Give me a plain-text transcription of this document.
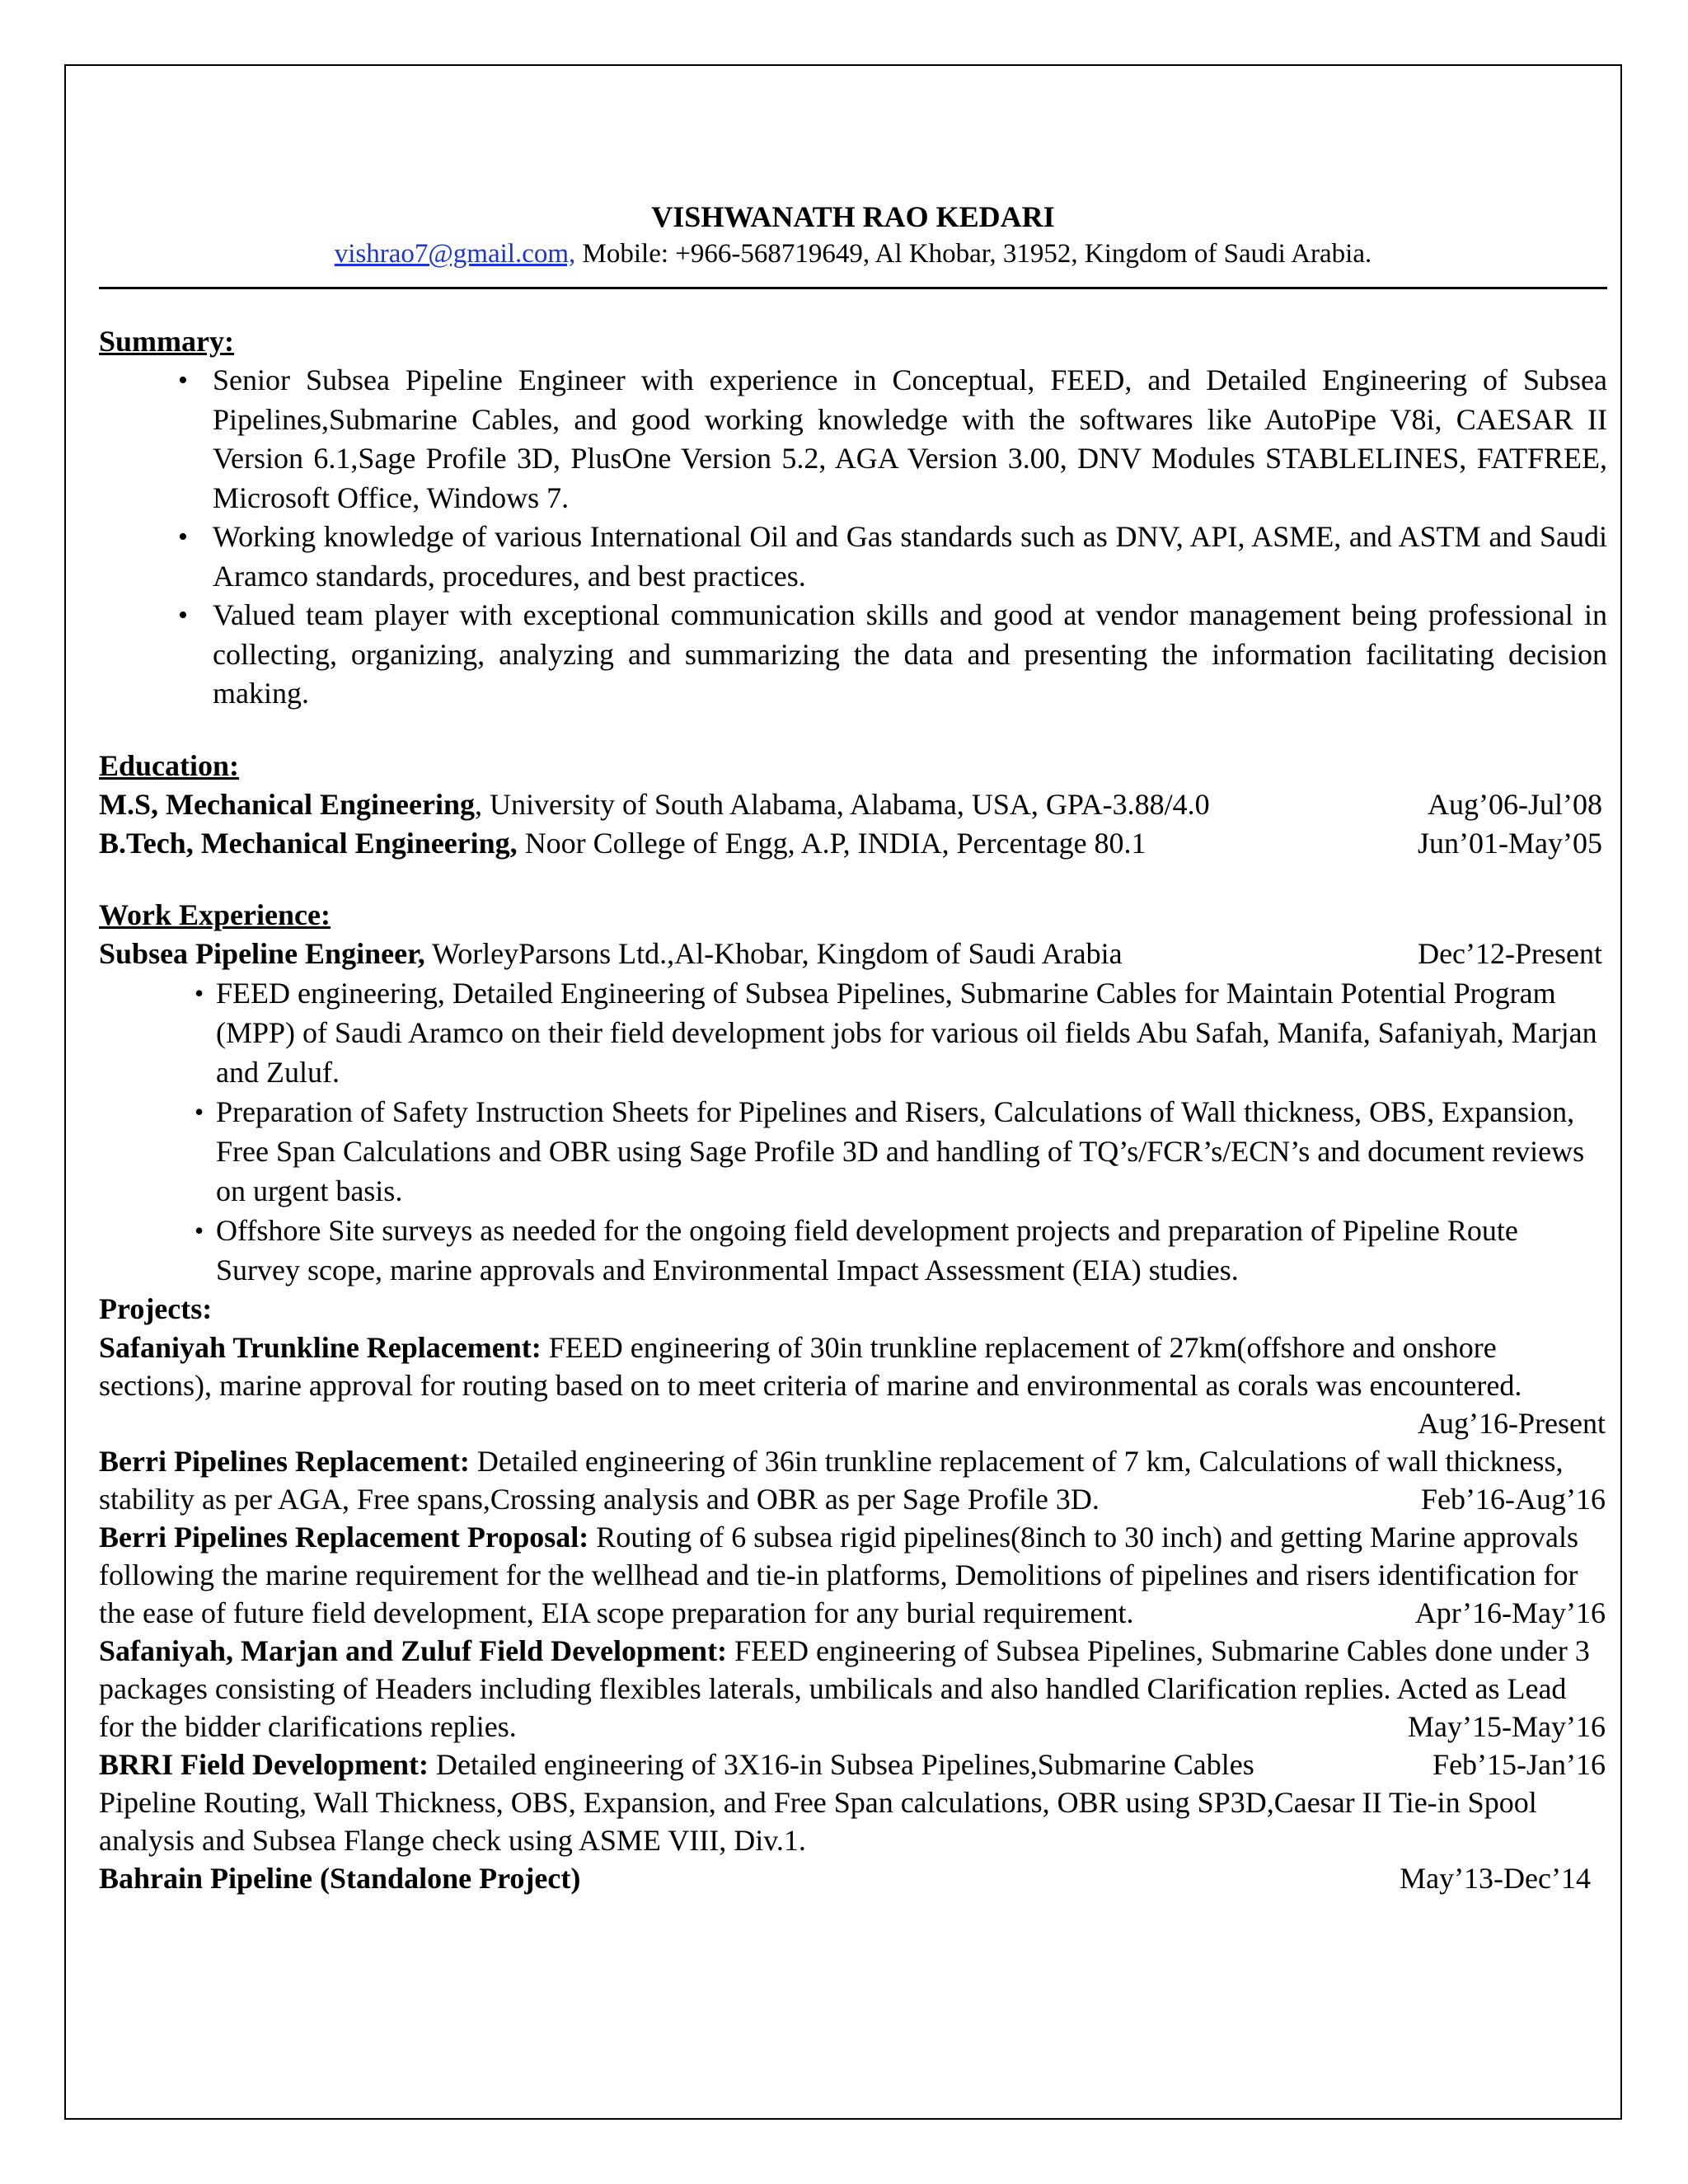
VISHWANATH RAO KEDARI
vishrao7@gmail.com, Mobile: +966-568719649, Al Khobar, 31952, Kingdom of Saudi Arabia.
Summary:
• Senior Subsea Pipeline Engineer with experience in Conceptual, FEED, and Detailed Engineering of Subsea Pipelines,Submarine Cables, and good working knowledge with the softwares like AutoPipe V8i, CAESAR II Version 6.1,Sage Profile 3D, PlusOne Version 5.2, AGA Version 3.00, DNV Modules STABLELINES, FATFREE, Microsoft Office, Windows 7.
• Working knowledge of various International Oil and Gas standards such as DNV, API, ASME, and ASTM and Saudi Aramco standards, procedures, and best practices.
• Valued team player with exceptional communication skills and good at vendor management being professional in collecting, organizing, analyzing and summarizing the data and presenting the information facilitating decision making.
Education:
M.S, Mechanical Engineering, University of South Alabama, Alabama, USA, GPA-3.88/4.0	Aug’06-Jul’08
B.Tech, Mechanical Engineering, Noor College of Engg, A.P, INDIA, Percentage 80.1	Jun’01-May’05
Work Experience:
Subsea Pipeline Engineer, WorleyParsons Ltd.,Al-Khobar, Kingdom of Saudi Arabia	Dec’12-Present
• FEED engineering, Detailed Engineering of Subsea Pipelines, Submarine Cables for Maintain Potential Program (MPP) of Saudi Aramco on their field development jobs for various oil fields Abu Safah, Manifa, Safaniyah, Marjan and Zuluf.
• Preparation of Safety Instruction Sheets for Pipelines and Risers, Calculations of Wall thickness, OBS, Expansion, Free Span Calculations and OBR using Sage Profile 3D and handling of TQ’s/FCR’s/ECN’s and document reviews on urgent basis.
• Offshore Site surveys as needed for the ongoing field development projects and preparation of Pipeline Route Survey scope, marine approvals and Environmental Impact Assessment (EIA) studies.
Projects:
Safaniyah Trunkline Replacement: FEED engineering of 30in trunkline replacement of 27km(offshore and onshore sections), marine approval for routing based on to meet criteria of marine and environmental as corals was encountered.
Aug’16-Present
Berri Pipelines Replacement: Detailed engineering of 36in trunkline replacement of 7 km, Calculations of wall thickness, stability as per AGA, Free spans,Crossing analysis and OBR as per Sage Profile 3D.	Feb’16-Aug’16
Berri Pipelines Replacement Proposal: Routing of 6 subsea rigid pipelines(8inch to 30 inch) and getting Marine approvals following the marine requirement for the wellhead and tie-in platforms, Demolitions of pipelines and risers identification for the ease of future field development, EIA scope preparation for any burial requirement.	Apr’16-May’16
Safaniyah, Marjan and Zuluf Field Development: FEED engineering of Subsea Pipelines, Submarine Cables done under 3 packages consisting of Headers including flexibles laterals, umbilicals and also handled Clarification replies. Acted as Lead for the bidder clarifications replies.	May’15-May’16
BRRI Field Development: Detailed engineering of 3X16-in Subsea Pipelines,Submarine Cables	Feb’15-Jan’16
Pipeline Routing, Wall Thickness, OBS, Expansion, and Free Span calculations, OBR using SP3D,Caesar II Tie-in Spool analysis and Subsea Flange check using ASME VIII, Div.1.
Bahrain Pipeline (Standalone Project)	May’13-Dec’14
